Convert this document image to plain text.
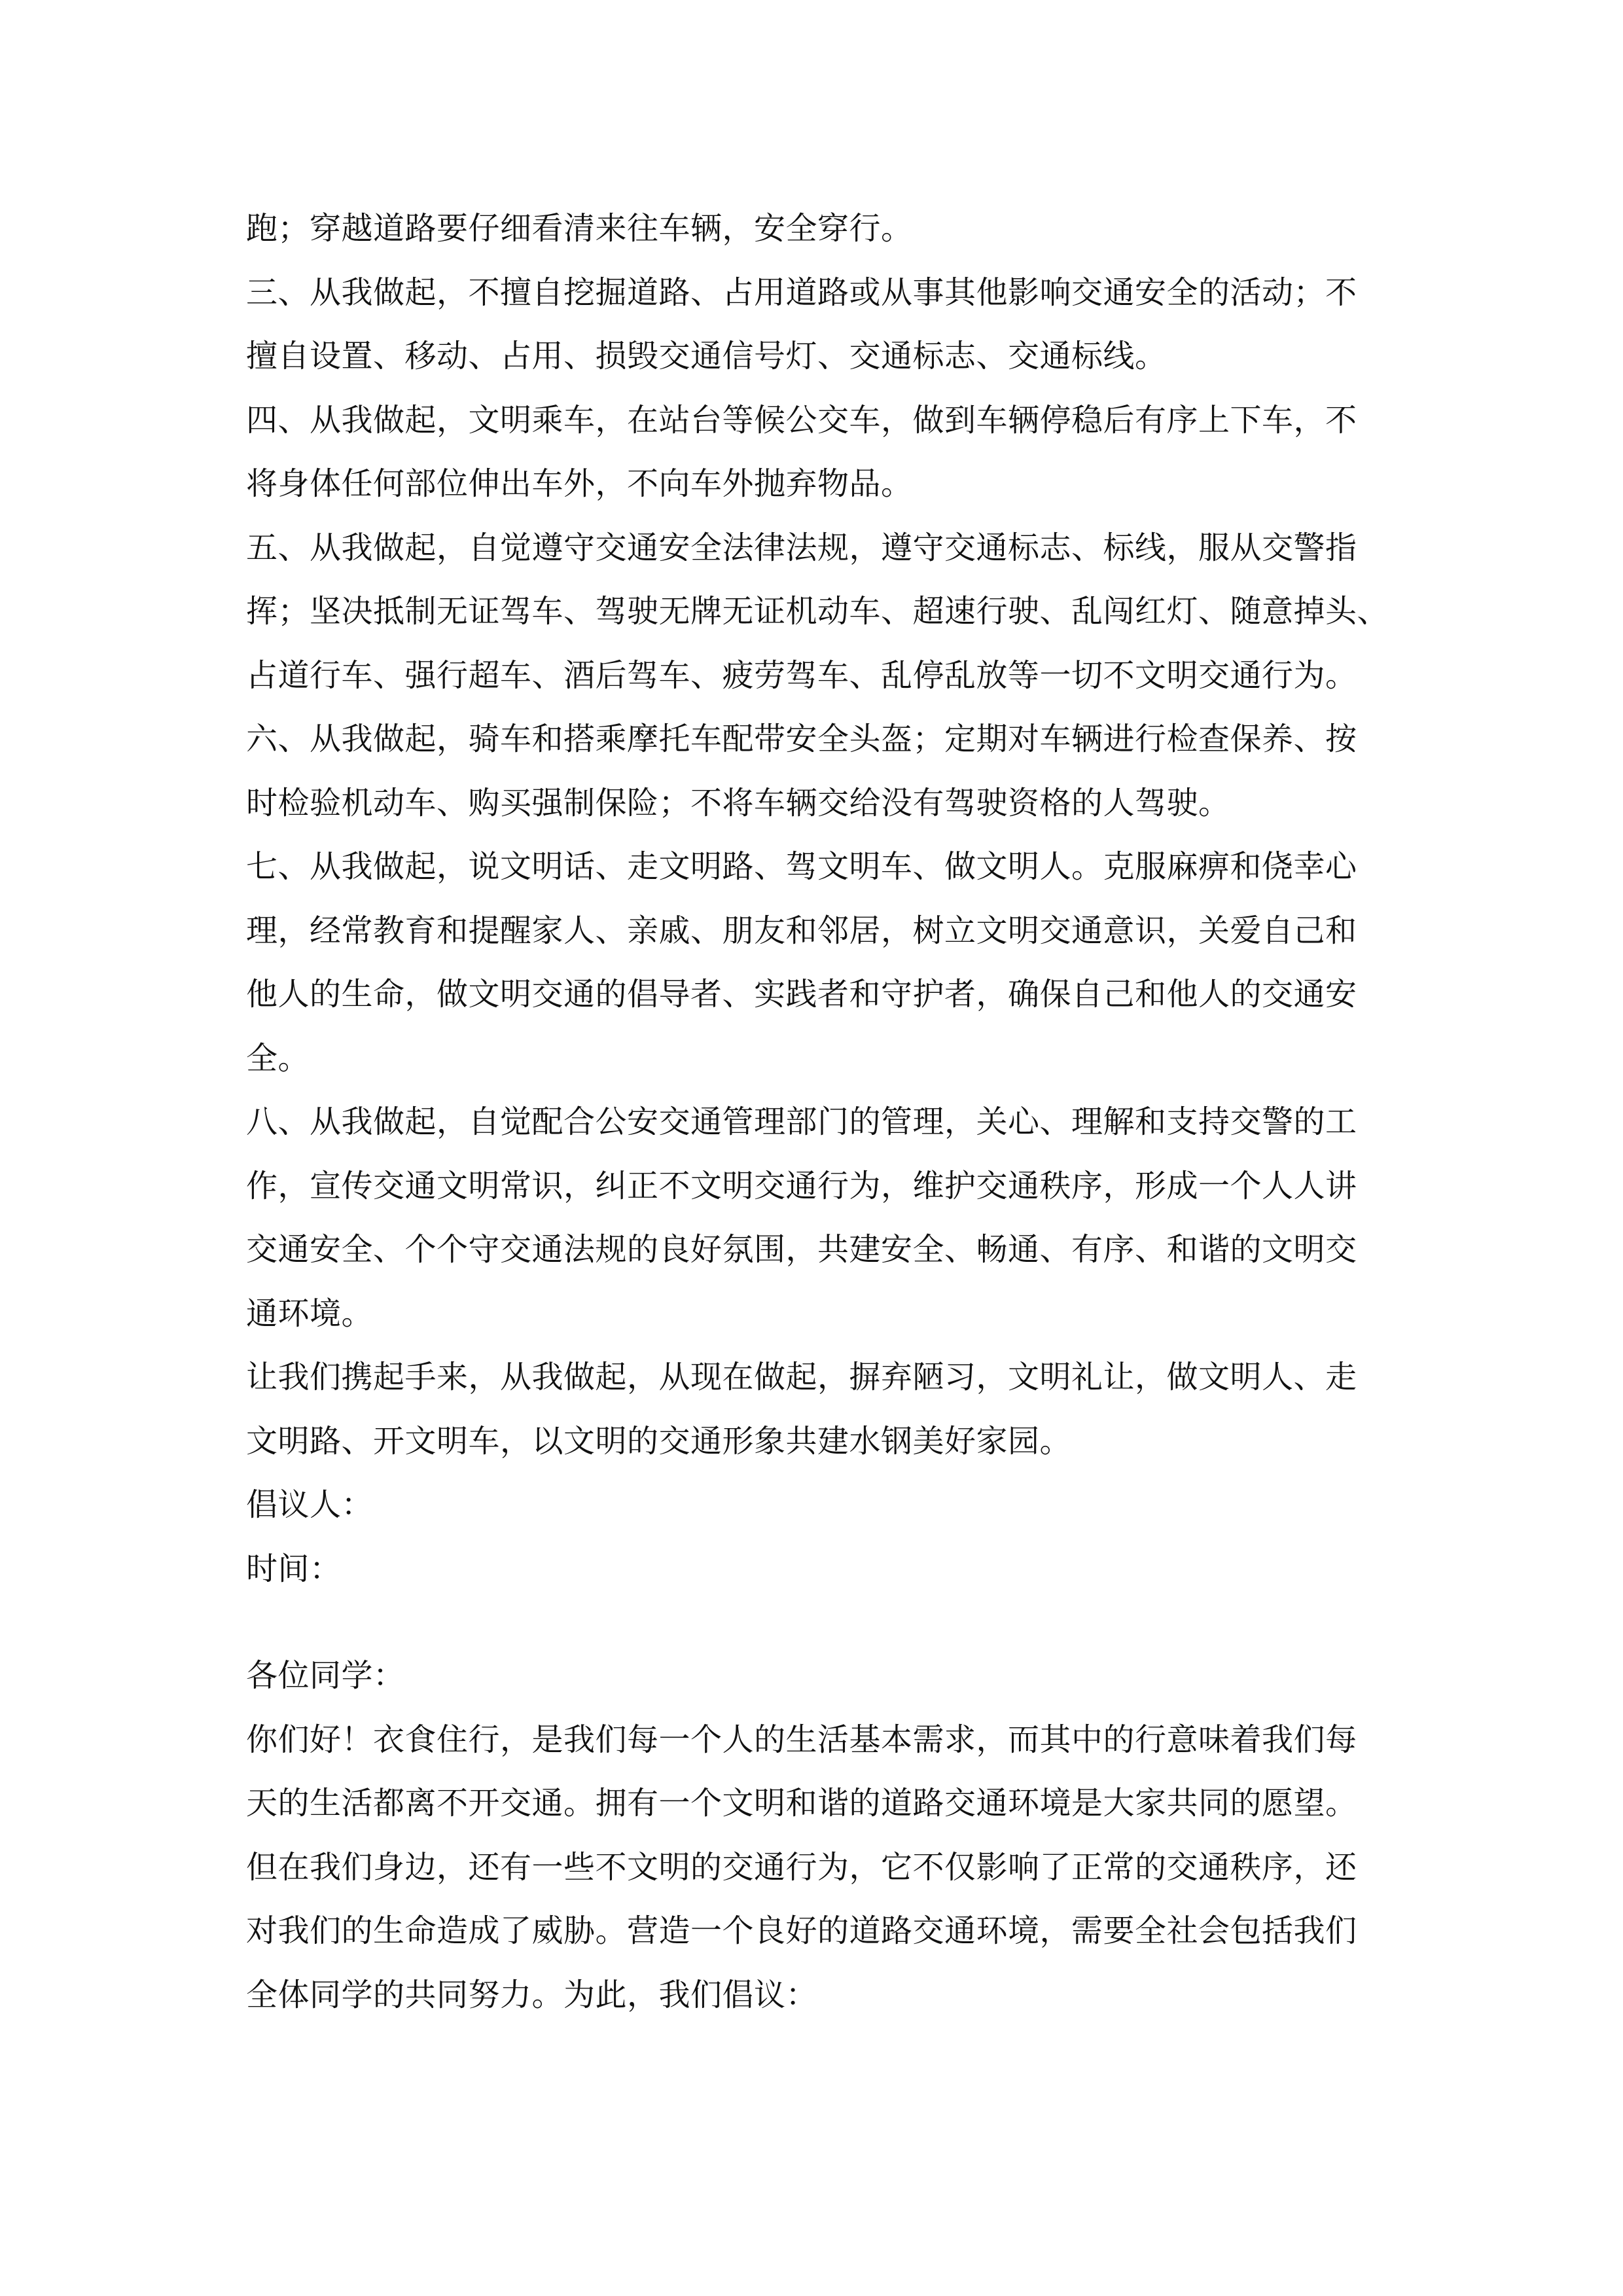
跑；穿越道路要仔细看清来往车辆，安全穿行。
三、从我做起，不擅自挖掘道路、占用道路或从事其他影响交通安全的活动；不
擅自设置、移动、占用、损毁交通信号灯、交通标志、交通标线。
四、从我做起，文明乘车，在站台等候公交车，做到车辆停稳后有序上下车，不
将身体任何部位伸出车外，不向车外抛弃物品。
五、从我做起，自觉遵守交通安全法律法规，遵守交通标志、标线，服从交警指
挥；坚决抵制无证驾车、驾驶无牌无证机动车、超速行驶、乱闯红灯、随意掉头、
占道行车、强行超车、酒后驾车、疲劳驾车、乱停乱放等一切不文明交通行为。
六、从我做起，骑车和搭乘摩托车配带安全头盔；定期对车辆进行检查保养、按
时检验机动车、购买强制保险；不将车辆交给没有驾驶资格的人驾驶。
七、从我做起，说文明话、走文明路、驾文明车、做文明人。克服麻痹和侥幸心
理，经常教育和提醒家人、亲戚、朋友和邻居，树立文明交通意识，关爱自己和
他人的生命，做文明交通的倡导者、实践者和守护者，确保自己和他人的交通安
全。
八、从我做起，自觉配合公安交通管理部门的管理，关心、理解和支持交警的工
作，宣传交通文明常识，纠正不文明交通行为，维护交通秩序，形成一个人人讲
交通安全、个个守交通法规的良好氛围，共建安全、畅通、有序、和谐的文明交
通环境。
让我们携起手来，从我做起，从现在做起，摒弃陋习，文明礼让，做文明人、走
文明路、开文明车，以文明的交通形象共建水钢美好家园。
倡议人：
时间：
各位同学：
你们好！衣食住行，是我们每一个人的生活基本需求，而其中的行意味着我们每
天的生活都离不开交通。拥有一个文明和谐的道路交通环境是大家共同的愿望。
但在我们身边，还有一些不文明的交通行为，它不仅影响了正常的交通秩序，还
对我们的生命造成了威胁。营造一个良好的道路交通环境，需要全社会包括我们
全体同学的共同努力。为此，我们倡议：
